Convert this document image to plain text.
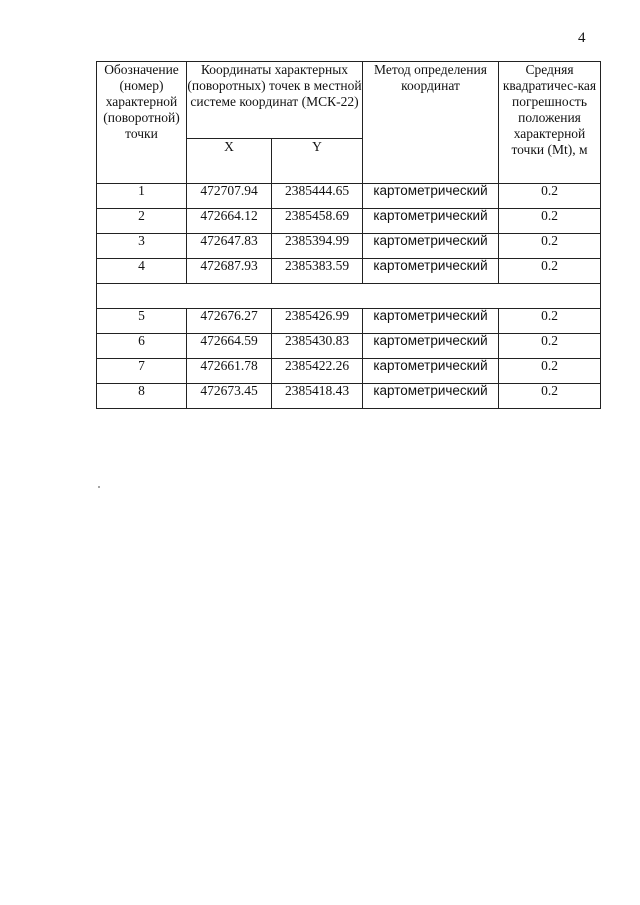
4
Обозначение (номер) характерной (поворотной) точки	Координаты характерных (поворотных) точек в местной системе координат (МСК-22)		Метод определения координат	Средняя квадратичес-кая погрешность положения характерной точки (Mt), м
	X	Y		
1	472707.94	2385444.65	картометрический	0.2
2	472664.12	2385458.69	картометрический	0.2
3	472647.83	2385394.99	картометрический	0.2
4	472687.93	2385383.59	картометрический	0.2

5	472676.27	2385426.99	картометрический	0.2
6	472664.59	2385430.83	картометрический	0.2
7	472661.78	2385422.26	картометрический	0.2
8	472673.45	2385418.43	картометрический	0.2
